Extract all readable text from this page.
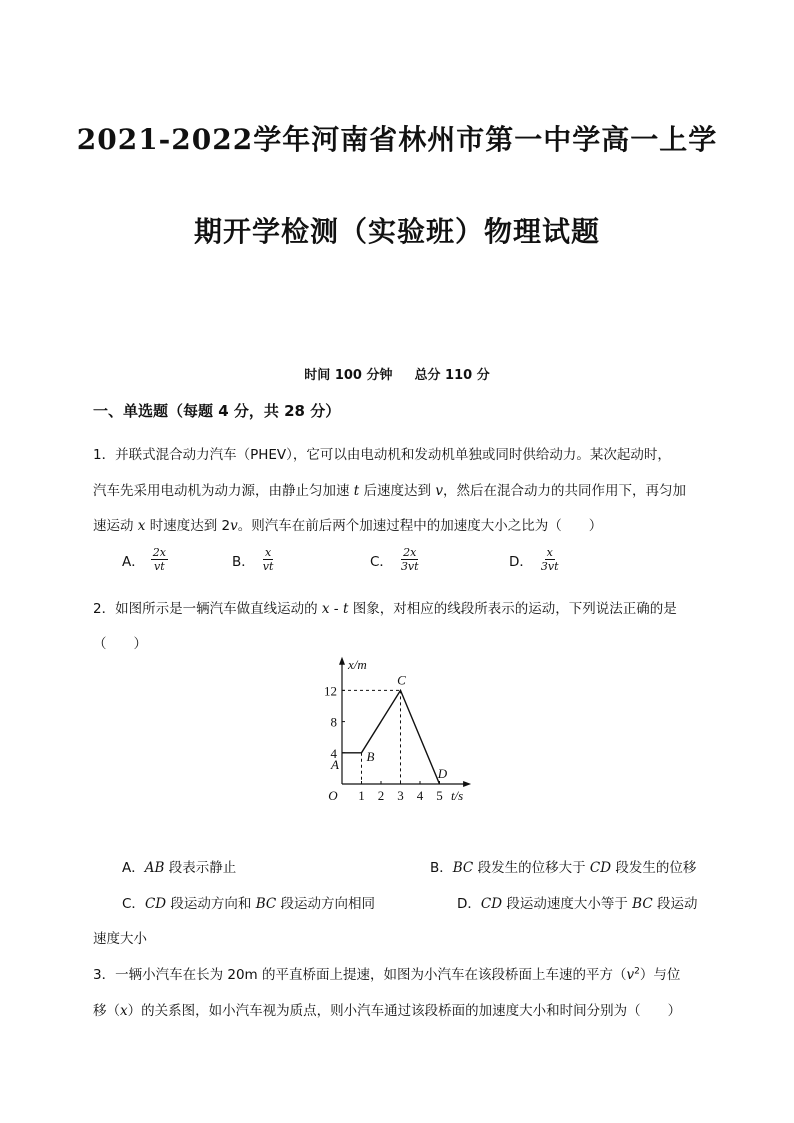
2021-2022学年河南省林州市第一中学高一上学
期开学检测（实验班）物理试题
时间 100 分钟 总分 110 分
一、单选题（每题 4 分，共 28 分）
1．并联式混合动力汽车（PHEV），它可以由电动机和发动机单独或同时供给动力。某次起动时，
汽车先采用电动机为动力源，由静止匀加速 t 后速度达到 v，然后在混合动力的共同作用下，再匀加
速运动 x 时速度达到 2v。则汽车在前后两个加速过程中的加速度大小之比为（　　）
A． $\frac{2x}{vt}$	B． $\frac{x}{vt}$	C． $\frac{2x}{3vt}$	D． $\frac{x}{3vt}$
2．如图所示是一辆汽车做直线运动的 x - t 图象，对相应的线段所表示的运动，下列说法正确的是
（　　）
t/s
x/m
O 1 2 3 4 5
4
8
12
A
B
C
D
A．AB 段表示静止	B．BC 段发生的位移大于 CD 段发生的位移
C．CD 段运动方向和 BC 段运动方向相同	D．CD 段运动速度大小等于 BC 段运动
速度大小
3．一辆小汽车在长为 20m 的平直桥面上提速，如图为小汽车在该段桥面上车速的平方$(v^2)$与位
移（x）的关系图，如小汽车视为质点，则小汽车通过该段桥面的加速度大小和时间分别为（　　）
